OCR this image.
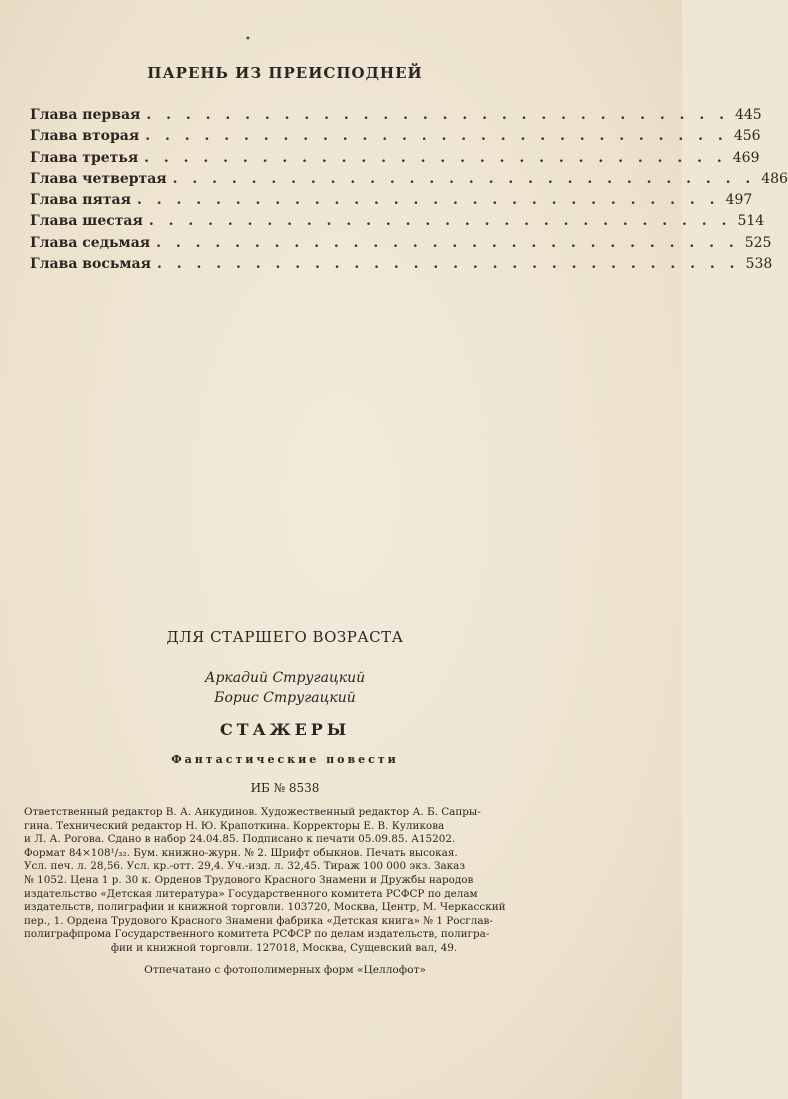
•
ПАРЕНЬ ИЗ ПРЕИСПОДНЕЙ
Глава первая . . . . . . . . . . . . . . . . . . . . . . . . . . . . . . 445
Глава вторая . . . . . . . . . . . . . . . . . . . . . . . . . . . . . . 456
Глава третья . . . . . . . . . . . . . . . . . . . . . . . . . . . . . . 469
Глава четвертая . . . . . . . . . . . . . . . . . . . . . . . . . . . . . . 486
Глава пятая . . . . . . . . . . . . . . . . . . . . . . . . . . . . . . 497
Глава шестая . . . . . . . . . . . . . . . . . . . . . . . . . . . . . . 514
Глава седьмая . . . . . . . . . . . . . . . . . . . . . . . . . . . . . . 525
Глава восьмая . . . . . . . . . . . . . . . . . . . . . . . . . . . . . . 538
ДЛЯ СТАРШЕГО ВОЗРАСТА
Аркадий Стругацкий
Борис Стругацкий
СТАЖЕРЫ
Фантастические повести
ИБ № 8538

Ответственный редактор В. А. Анкудинов. Художественный редактор А. Б. Сапры-

гина. Технический редактор Н. Ю. Крапоткина. Корректоры Е. В. Куликова

и Л. А. Рогова. Сдано в набор 24.04.85. Подписано к печати 05.09.85. А15202.

Формат 84×108¹/₃₂. Бум. книжно-журн. № 2. Шрифт обыкнов. Печать высокая.

Усл. печ. л. 28,56. Усл. кр.-отт. 29,4. Уч.-изд. л. 32,45. Тираж 100 000 экз. Заказ

№ 1052. Цена 1 р. 30 к. Орденов Трудового Красного Знамени и Дружбы народов

издательство «Детская литература» Государственного комитета РСФСР по делам

издательств, полиграфии и книжной торговли. 103720, Москва, Центр, М. Черкасский

пер., 1. Ордена Трудового Красного Знамени фабрика «Детская книга» № 1 Росглав-

полиграфпрома Государственного комитета РСФСР по делам издательств, полигра-

фии и книжной торговли. 127018, Москва, Сущевский вал, 49.

Отпечатано с фотополимерных форм «Целлофот»
